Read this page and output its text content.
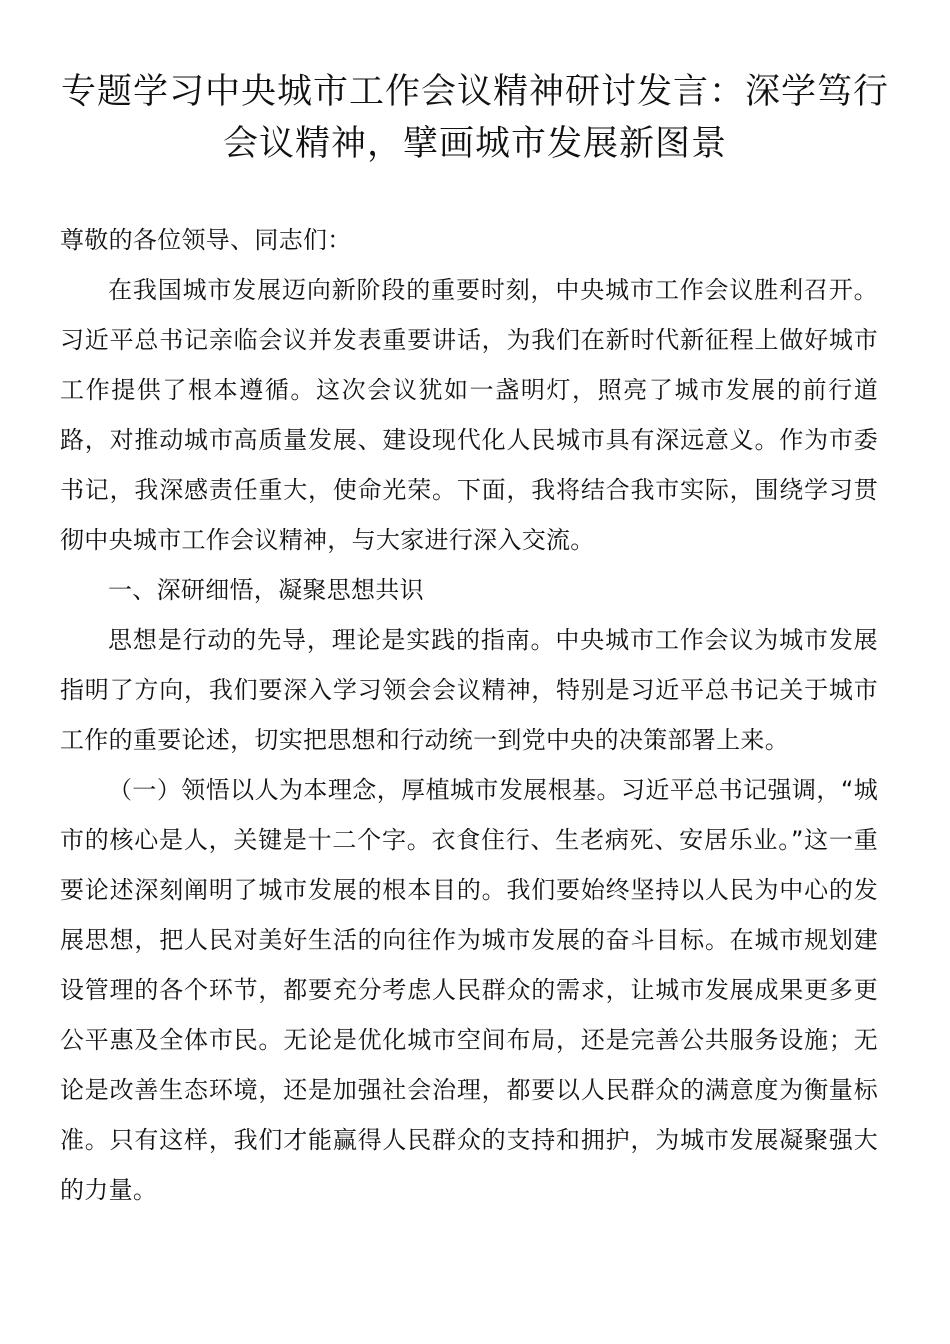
专题学习中央城市工作会议精神研讨发言：深学笃行
会议精神，擘画城市发展新图景

尊敬的各位领导、同志们：

在我国城市发展迈向新阶段的重要时刻，中央城市工作会议胜利召开。习近平总书记亲临会议并发表重要讲话，为我们在新时代新征程上做好城市工作提供了根本遵循。这次会议犹如一盏明灯，照亮了城市发展的前行道路，对推动城市高质量发展、建设现代化人民城市具有深远意义。作为市委书记，我深感责任重大，使命光荣。下面，我将结合我市实际，围绕学习贯彻中央城市工作会议精神，与大家进行深入交流。

一、深研细悟，凝聚思想共识

思想是行动的先导，理论是实践的指南。中央城市工作会议为城市发展指明了方向，我们要深入学习领会会议精神，特别是习近平总书记关于城市工作的重要论述，切实把思想和行动统一到党中央的决策部署上来。

（一）领悟以人为本理念，厚植城市发展根基。习近平总书记强调，“城市的核心是人，关键是十二个字。衣食住行、生老病死、安居乐业。”这一重要论述深刻阐明了城市发展的根本目的。我们要始终坚持以人民为中心的发展思想，把人民对美好生活的向往作为城市发展的奋斗目标。在城市规划建设管理的各个环节，都要充分考虑人民群众的需求，让城市发展成果更多更公平惠及全体市民。无论是优化城市空间布局，还是完善公共服务设施；无论是改善生态环境，还是加强社会治理，都要以人民群众的满意度为衡量标准。只有这样，我们才能赢得人民群众的支持和拥护，为城市发展凝聚强大的力量。
